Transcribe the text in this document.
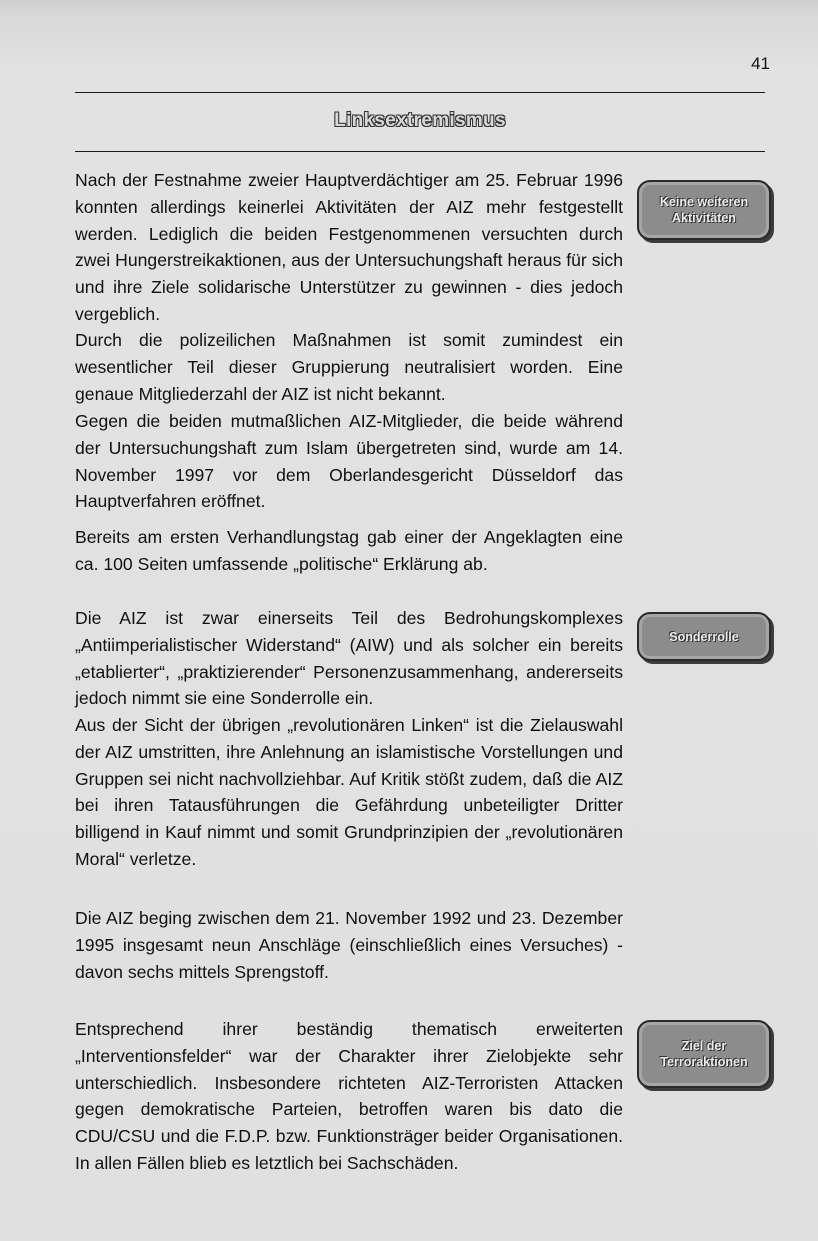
41
Linksextremismus

Nach der Festnahme zweier Hauptverdächtiger am 25. Februar 1996 konnten allerdings keinerlei Aktivitäten der AIZ mehr festgestellt werden. Lediglich die beiden Festgenommenen versuchten durch zwei Hungerstreikaktionen, aus der Untersuchungshaft heraus für sich und ihre Ziele solidarische Unterstützer zu gewinnen - dies jedoch vergeblich.

Durch die polizeilichen Maßnahmen ist somit zumindest ein wesentlicher Teil dieser Gruppierung neutralisiert worden. Eine genaue Mitgliederzahl der AIZ ist nicht bekannt.

Gegen die beiden mutmaßlichen AIZ-Mitglieder, die beide während der Untersuchungshaft zum Islam übergetreten sind, wurde am 14. November 1997 vor dem Oberlandesgericht Düsseldorf das Hauptverfahren eröffnet.

Bereits am ersten Verhandlungstag gab einer der Angeklagten eine ca. 100 Seiten umfassende „politische“ Erklärung ab.

Die AIZ ist zwar einerseits Teil des Bedrohungskomplexes „Antiimperialistischer Widerstand“ (AIW) und als solcher ein bereits „etablierter“, „praktizierender“ Personenzusammenhang, andererseits jedoch nimmt sie eine Sonderrolle ein.

Aus der Sicht der übrigen „revolutionären Linken“ ist die Zielauswahl der AIZ umstritten, ihre Anlehnung an islamistische Vorstellungen und Gruppen sei nicht nachvollziehbar. Auf Kritik stößt zudem, daß die AIZ bei ihren Tatausführungen die Gefährdung unbeteiligter Dritter billigend in Kauf nimmt und somit Grundprinzipien der „revolutionären Moral“ verletze.

Die AIZ beging zwischen dem 21. November 1992 und 23. Dezember 1995 insgesamt neun Anschläge (einschließlich eines Versuches) - davon sechs mittels Sprengstoff.

Entsprechend ihrer beständig thematisch erweiterten „Interventionsfelder“ war der Charakter ihrer Zielobjekte sehr unterschiedlich. Insbesondere richteten AIZ-Terroristen Attacken gegen demokratische Parteien, betroffen waren bis dato die CDU/CSU und die F.D.P. bzw. Funktionsträger beider Organisationen. In allen Fällen blieb es letztlich bei Sachschäden.

Keine weiteren
Aktivitäten
Sonderrolle
Ziel der
Terroraktionen
